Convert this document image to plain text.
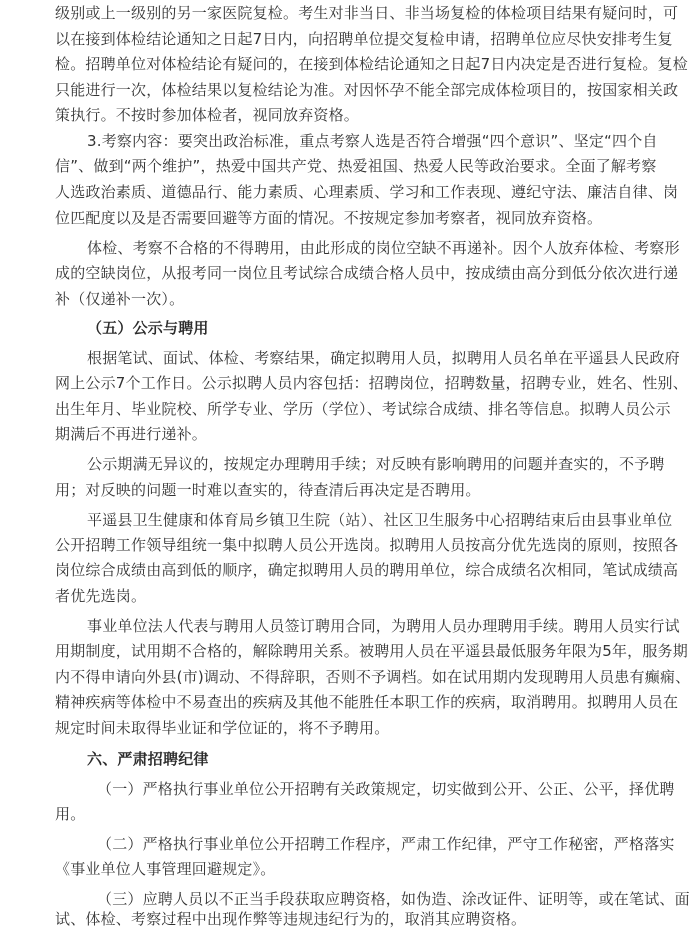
级别或上一级别的另一家医院复检。考生对非当日、非当场复检的体检项目结果有疑问时，可
以在接到体检结论通知之日起7日内，向招聘单位提交复检申请，招聘单位应尽快安排考生复
检。招聘单位对体检结论有疑问的，在接到体检结论通知之日起7日内决定是否进行复检。复检
只能进行一次，体检结果以复检结论为准。对因怀孕不能全部完成体检项目的，按国家相关政
策执行。不按时参加体检者，视同放弃资格。
3.考察内容：要突出政治标准，重点考察人选是否符合增强“四个意识”、坚定“四个自
信”、做到“两个维护”，热爱中国共产党、热爱祖国、热爱人民等政治要求。全面了解考察
人选政治素质、道德品行、能力素质、心理素质、学习和工作表现、遵纪守法、廉洁自律、岗
位匹配度以及是否需要回避等方面的情况。不按规定参加考察者，视同放弃资格。
体检、考察不合格的不得聘用，由此形成的岗位空缺不再递补。因个人放弃体检、考察形
成的空缺岗位，从报考同一岗位且考试综合成绩合格人员中，按成绩由高分到低分依次进行递
补（仅递补一次）。
（五）公示与聘用
根据笔试、面试、体检、考察结果，确定拟聘用人员，拟聘用人员名单在平遥县人民政府
网上公示7个工作日。公示拟聘人员内容包括：招聘岗位，招聘数量，招聘专业，姓名、性别、
出生年月、毕业院校、所学专业、学历（学位）、考试综合成绩、排名等信息。拟聘人员公示
期满后不再进行递补。
公示期满无异议的，按规定办理聘用手续；对反映有影响聘用的问题并查实的，不予聘
用；对反映的问题一时难以查实的，待查清后再决定是否聘用。
平遥县卫生健康和体育局乡镇卫生院（站）、社区卫生服务中心招聘结束后由县事业单位
公开招聘工作领导组统一集中拟聘人员公开选岗。拟聘用人员按高分优先选岗的原则，按照各
岗位综合成绩由高到低的顺序，确定拟聘用人员的聘用单位，综合成绩名次相同，笔试成绩高
者优先选岗。
事业单位法人代表与聘用人员签订聘用合同，为聘用人员办理聘用手续。聘用人员实行试
用期制度，试用期不合格的，解除聘用关系。被聘用人员在平遥县最低服务年限为5年，服务期
内不得申请向外县(市)调动、不得辞职，否则不予调档。如在试用期内发现聘用人员患有癫痫、
精神疾病等体检中不易查出的疾病及其他不能胜任本职工作的疾病，取消聘用。拟聘用人员在
规定时间未取得毕业证和学位证的，将不予聘用。
六、严肃招聘纪律
（一）严格执行事业单位公开招聘有关政策规定，切实做到公开、公正、公平，择优聘
用。
（二）严格执行事业单位公开招聘工作程序，严肃工作纪律，严守工作秘密，严格落实
《事业单位人事管理回避规定》。
（三）应聘人员以不正当手段获取应聘资格，如伪造、涂改证件、证明等，或在笔试、面
试、体检、考察过程中出现作弊等违规违纪行为的，取消其应聘资格。
